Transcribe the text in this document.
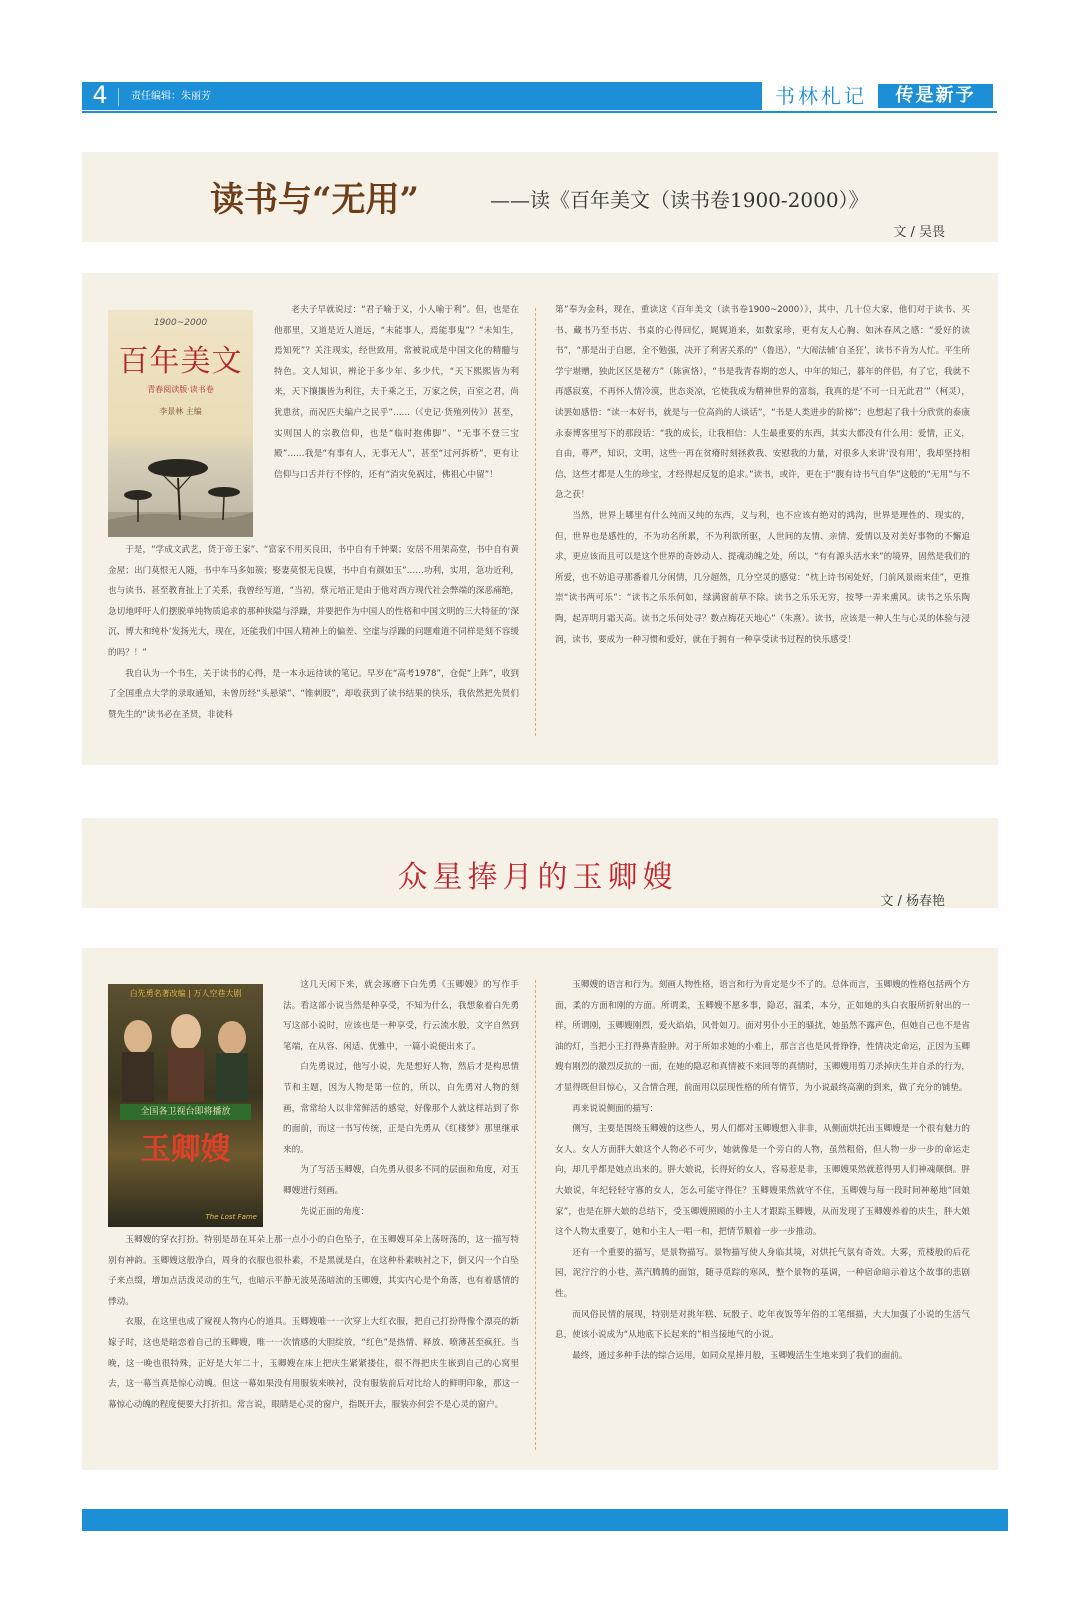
4	责任编辑：朱丽芳	书林札记	传是新予
读书与“无用”	——读《百年美文（读书卷1900-2000）》
文 / 吴畏
1900~2000
百年美文
青春阅读版·读书卷
李景林 主编

老夫子早就说过：“君子喻于义，小人喻于利”。但，也是在他那里，又道是近人道远，“未能事人，焉能事鬼”？“未知生，焉知死”？关注现实，经世致用，常被说成是中国文化的精髓与特色。文人知识，辨论于多少年、多少代，“天下熙熙皆为利来，天下攘攘皆为利往，夫千乘之王，万家之侯，百室之君，尚犹患贫，而况匹夫编户之民乎”……（《史记·货殖列传》）甚至，实则国人的宗教信仰，也是“临时抱佛脚”、“无事不登三宝殿”……我是“有事有人，无事无人”，甚至“过河拆桥”，更有让信仰与口舌并行不悖的，还有“消灾免祸过，佛祖心中留”！

于是，“学成文武艺，货于帝王家”、“富家不用买良田，书中自有千钟粟；安居不用架高堂，书中自有黄金屋；出门莫恨无人随，书中车马多如簇；娶妻莫恨无良媒，书中自有颜如玉”……功利，实用，急功近利，也与读书、甚至教育扯上了关系，我曾经写道，“当初，蔡元培正是由于他对西方现代社会弊端的深恶痛绝，急切地呼吁人们摆脱单纯物质追求的那种狭隘与浮躁，并要把作为中国人的性格和中国文明的三大特征的‘深沉、博大和纯朴’发扬光大，现在，还能我们中国人精神上的偏差、空虚与浮躁的问题难道不同样是刻不容缓的吗？！”

我自认为一个书生，关于读书的心得，是一本永远待读的笔记。早岁在“高考1978”，仓促“上阵”，收到了全国重点大学的录取通知，未曾历经“头悬梁”、“锥刺股”，却收获到了读书结果的快乐，我依然把先贤们赞先生的“读书必在圣贤，非徒科

第”奉为金科，现在，重读这《百年美文（读书卷1900~2000）》，其中，几十位大家，他们对于读书、买书、藏书乃至书店、书桌的心得回忆，娓娓道来，如数家珍，更有友人心胸、如沐春风之感：“爱好的读书”，“那是出于自愿，全不勉强，决开了利害关系的”（鲁迅），“大闹法辅‘自圣狂’，读书不肯为人忙。平生所学宁堪赠，独此区区是秘方”（陈寅恪），“书是我青春期的恋人，中年的知己，暮年的伴侣，有了它，我就不再感寂寞，不再怀人情冷漠，世态炎凉，它使我成为精神世界的富翁，我真的是‘不可一日无此君’”（柯灵），读罢如感悟：“读一本好书，就是与一位高尚的人谈话”，“书是人类进步的阶梯”；也想起了我十分欣赏的泰康永泰博客里写下的那段话：“我的成长，让我相信：人生最重要的东西，其实大都没有什么用：爱情，正义，自由，尊严，知识，文明，这些一再在贫瘠时刻拯救我、安慰我的力量，对很多人来讲‘没有用’，我却坚持相信，这些才都是人生的珍宝，才经得起反复的追求。”读书，或许，更在于“腹有诗书气自华”这般的“无用”与不急之获！

当然，世界上哪里有什么纯而又纯的东西，义与利，也不应该有绝对的鸿沟，世界是理性的、现实的，但，世界也是感性的，不为功名所累，不为利欲所驱，人世间的友情、亲情、爱情以及对美好事物的不懈追求，更应该而且可以是这个世界的奇妙动人、提魂动魄之处，所以，“有有源头活水来”的境界，固然是我们的所爱，也不妨追寻那番着几分闲情，几分超然，几分空灵的感觉：“枕上诗书闲处好，门前风景雨来佳”，更推崇“读书两可乐”：“读书之乐乐何如，绿满窗前草不除。读书之乐乐无穷，按琴一弄来熏风。读书之乐乐陶陶，起弄明月霜天高。读书之乐何处寻？数点梅花天地心”（朱熹）。读书，应该是一种人生与心灵的体验与浸润，读书，要成为一种习惯和爱好，就在于拥有一种享受读书过程的快乐感受！

众星捧月的玉卿嫂
文 / 杨春艳
白先勇名著改编 | 万人空巷大剧
全国各卫视台即将播放
玉卿嫂
The Lost Fame

这几天闲下来，就会琢磨下白先勇《玉卿嫂》的写作手法。看这部小说当然是种享受，不知为什么，我想象着白先勇写这部小说时，应该也是一种享受，行云流水般，文字自然到笔端，在从容、闲适、优雅中，一篇小说便出来了。

白先勇说过，他写小说，先是想好人物，然后才是构思情节和主题，因为人物是第一位的，所以，白先勇对人物的刻画，常常给人以非常鲜活的感觉，好像那个人就这样站到了你的面前，而这一书写传统，正是白先勇从《红楼梦》那里继承来的。

为了写活玉卿嫂，白先勇从很多不同的层面和角度，对玉卿嫂进行刻画。

先说正面的角度：

玉卿嫂的穿衣打扮。特别是昂在耳朵上那一点小小的白色坠子，在玉卿嫂耳朵上荡呀荡的，这一描写特别有神韵。玉卿嫂这般净白，周身的衣服也很朴素，不是黑就是白，在这种朴素映衬之下，倒又闪一个白坠子来点缀，增加点活泼灵动的生气，也暗示平静无波晃荡暗流的玉卿嫂，其实内心是个角落，也有着感情的悸动。

衣服，在这里也成了窥视人物内心的道具。玉卿嫂唯一一次穿上大红衣服，把自己打扮得像个漂亮的新嫁子时，这也是暗恋着自己的玉卿嫂，唯一一次情感的大胆绽放，“红色”是热情、释放、喷薄甚至疯狂。当晚，这一晚也很特殊，正好是大年二十，玉卿嫂在床上把庆生紧紧搂住，很不得把庆生嵌到自己的心窝里去，这一幕当真是惊心动魄。但这一幕如果没有用服装来映衬，没有服装前后对比给人的鲜明印象，那这一幕惊心动魄的程度便要大打折扣。常言说，眼睛是心灵的窗户，指既开去，服装亦何尝不是心灵的窗户。

玉卿嫂的语言和行为。刻画人物性格，语言和行为肯定是少不了的。总体而言，玉卿嫂的性格包括两个方面，柔的方面和刚的方面。所谓柔，玉卿嫂不愿多事，隐忍，温柔，本分，正如她的头白衣服所折射出的一样，所谓刚，玉卿嫂刚烈，爱火焰焰，风骨如刀。面对男仆小王的骚扰，她虽然不露声色，但她自己也不是省油的灯，当把小王打得鼻青脸肿。对于所如求她的小难上，那言言也是风骨铮铮，性情决定命运，正因为玉卿嫂有刚烈的激烈反抗的一面，在她的隐忍和真情被不来回等的真情时，玉卿嫂用剪刀杀掉庆生并自杀的行为，才显得既但目惊心，又合情合理，前面用以层现性格的所有情节，为小说最终高潮的到来，做了充分的铺垫。

再来说说侧面的描写：

侧写，主要是围绕玉卿嫂的这些人，男人们都对玉卿嫂想入非非，从侧面烘托出玉卿嫂是一个很有魅力的女人。女人方面胖大娘这个人物必不可少，她就像是一个旁白的人物，虽然粗俗，但人物一步一步的命运走向，却几乎都是她点出来的。胖大娘说，长得好的女人，容易惹是非，玉卿嫂果然就惹得男人们神魂颠倒。胖大娘说，年纪轻轻守寡的女人，怎么可能守得住？玉卿嫂果然就守不住，玉卿嫂与每一段时间神秘地“回娘家”，也是在胖大娘的总结下，受玉卿嫂照顾的小主人才跟踪玉卿嫂，从而发现了玉卿嫂养着的庆生，胖大娘这个人物太重要了，她和小主人一唱一和，把情节顺着一步一步推动。

还有一个重要的描写，是景物描写。景物描写使人身临其境，对烘托气氛有奇效。大雾，荒楼般的后花园，泥泞泞的小巷，蒸汽腾腾的面馆，随寻觅踪的寒风，整个景物的基调，一种宿命暗示着这个故事的悲剧性。

而风俗民情的展现，特别是对挑年糕、玩骰子、吃年夜饭等年俗的工笔细描，大大加强了小说的生活气息，使该小说成为“从地底下长起来的”相当接地气的小说。

最终，通过多种手法的综合运用，如同众星捧月般，玉卿嫂活生生地来到了我们的面前。
